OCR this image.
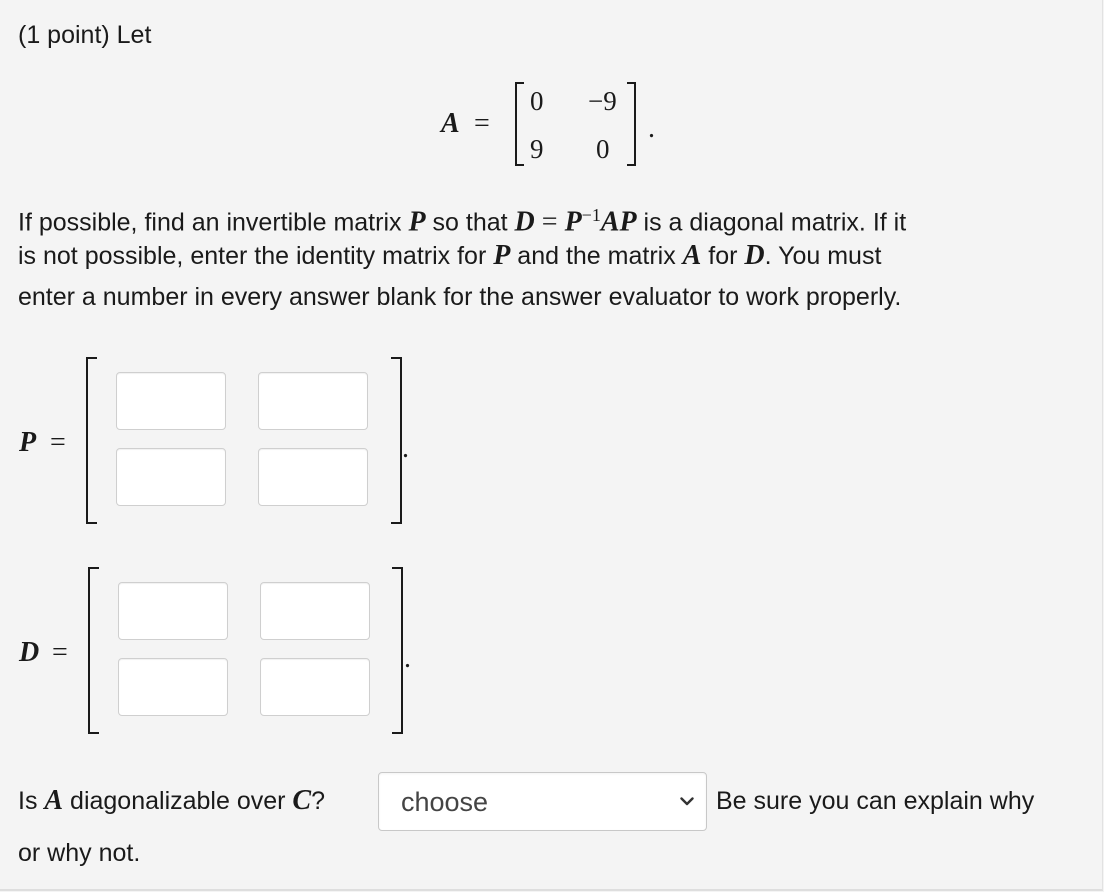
(1 point) Let
A =
0 −9
9 0
.
If possible, find an invertible matrix P so that $D = P^{-1}AP$ is a diagonal matrix. If it
is not possible, enter the identity matrix for P and the matrix A for D. You must
enter a number in every answer blank for the answer evaluator to work properly.
P =	.
D =	.
Is A diagonalizable over C?	choose	Be sure you can explain why
or why not.
